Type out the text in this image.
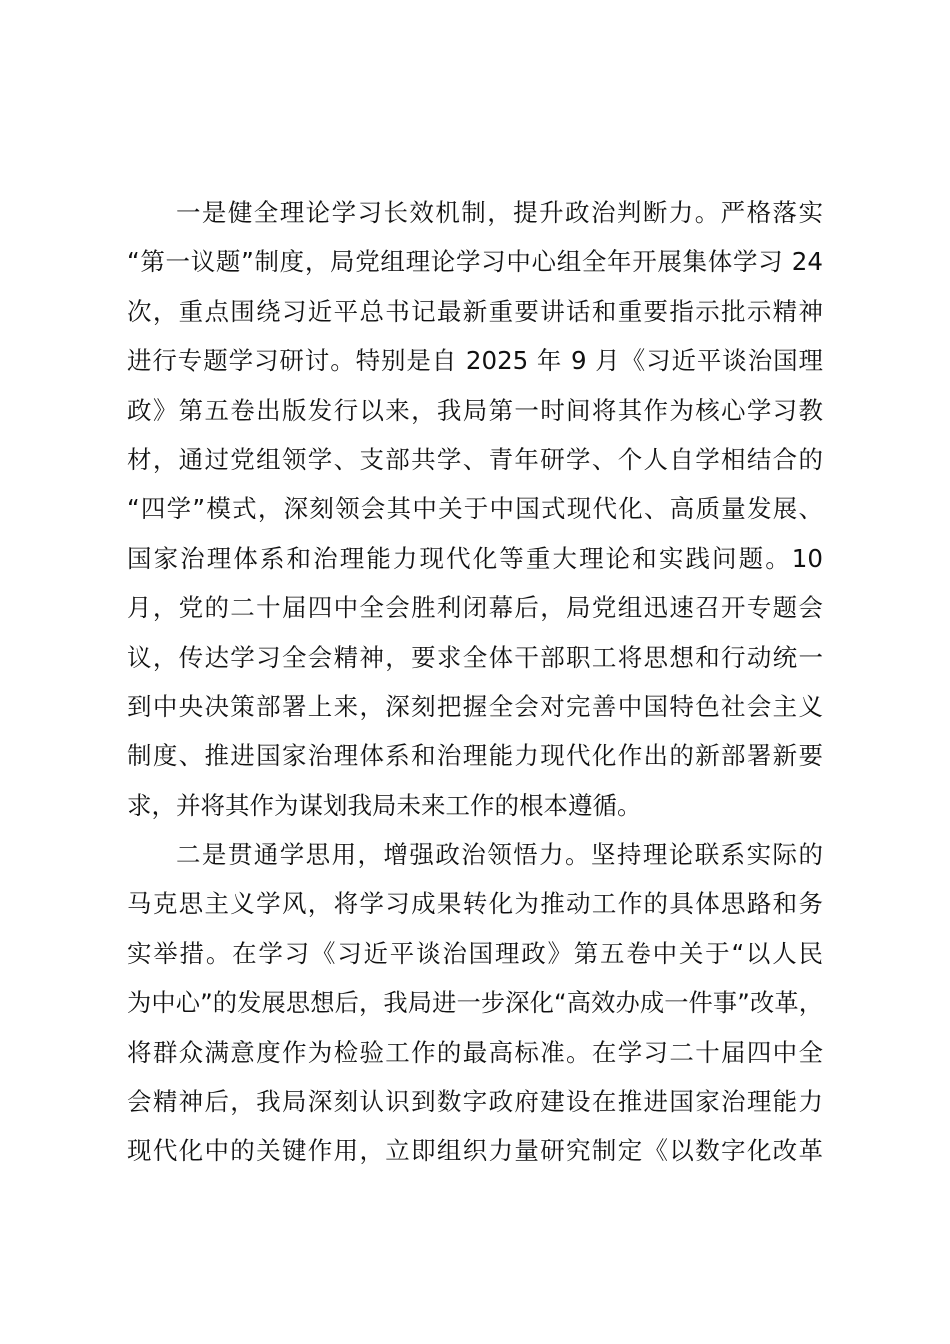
一是健全理论学习长效机制，提升政治判断力。严格落实
“第一议题”制度，局党组理论学习中心组全年开展集体学习 24
次，重点围绕习近平总书记最新重要讲话和重要指示批示精神
进行专题学习研讨。特别是自 2025 年 9 月《习近平谈治国理
政》第五卷出版发行以来，我局第一时间将其作为核心学习教
材，通过党组领学、支部共学、青年研学、个人自学相结合的
“四学”模式，深刻领会其中关于中国式现代化、高质量发展、
国家治理体系和治理能力现代化等重大理论和实践问题。10
月，党的二十届四中全会胜利闭幕后，局党组迅速召开专题会
议，传达学习全会精神，要求全体干部职工将思想和行动统一
到中央决策部署上来，深刻把握全会对完善中国特色社会主义
制度、推进国家治理体系和治理能力现代化作出的新部署新要
求，并将其作为谋划我局未来工作的根本遵循。
二是贯通学思用，增强政治领悟力。坚持理论联系实际的
马克思主义学风，将学习成果转化为推动工作的具体思路和务
实举措。在学习《习近平谈治国理政》第五卷中关于“以人民
为中心”的发展思想后，我局进一步深化“高效办成一件事”改革，
将群众满意度作为检验工作的最高标准。在学习二十届四中全
会精神后，我局深刻认识到数字政府建设在推进国家治理能力
现代化中的关键作用，立即组织力量研究制定《以数字化改革
